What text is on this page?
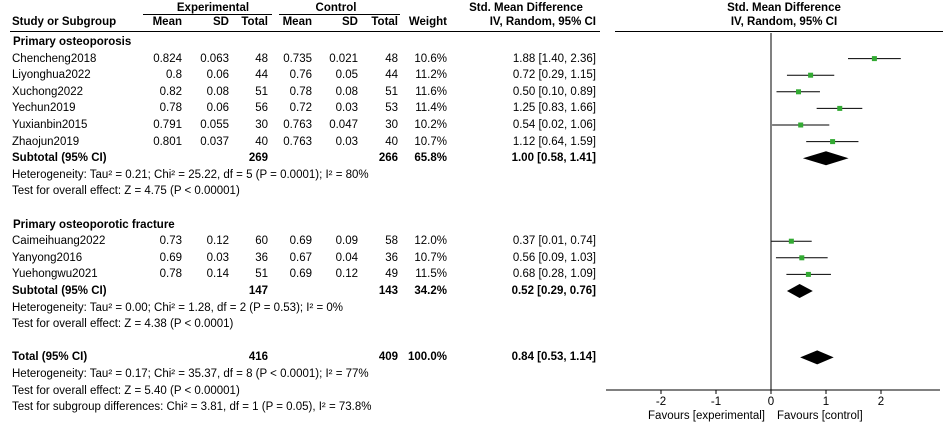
Experimental	Control	Std. Mean Difference	Std. Mean Difference
Study or Subgroup	Mean	SD	Total	Mean	SD	Total Weight	IV, Random, 95% CI	IV, Random, 95% CI
Primary osteoporosis
Chencheng2018	0.824	0.063	48	0.735	0.021	48	10.6%	1.88 [1.40, 2.36]
Liyonghua2022	0.8	0.06	44	0.76	0.05	44	11.2%	0.72 [0.29, 1.15]
Xuchong2022	0.82	0.08	51	0.78	0.08	51	11.6%	0.50 [0.10, 0.89]
Yechun2019	0.78	0.06	56	0.72	0.03	53	11.4%	1.25 [0.83, 1.66]
Yuxianbin2015	0.791	0.055	30	0.763	0.047	30	10.2%	0.54 [0.02, 1.06]
Zhaojun2019	0.801	0.037	40	0.763	0.03	40	10.7%	1.12 [0.64, 1.59]
Subtotal (95% CI)	269	266	65.8%	1.00 [0.58, 1.41]
Heterogeneity: Tau² = 0.21; Chi² = 25.22, df = 5 (P = 0.0001); I² = 80%
Test for overall effect: Z = 4.75 (P < 0.00001)
Primary osteoporotic fracture
Caimeihuang2022	0.73	0.12	60	0.69	0.09	58	12.0%	0.37 [0.01, 0.74]
Yanyong2016	0.69	0.03	36	0.67	0.04	36	10.7%	0.56 [0.09, 1.03]
Yuehongwu2021	0.78	0.14	51	0.69	0.12	49	11.5%	0.68 [0.28, 1.09]
Subtotal (95% CI)	147	143	34.2%	0.52 [0.29, 0.76]
Heterogeneity: Tau² = 0.00; Chi² = 1.28, df = 2 (P = 0.53); I² = 0%
Test for overall effect: Z = 4.38 (P < 0.0001)
Total (95% CI)	416	409 100.0%	0.84 [0.53, 1.14]
Heterogeneity: Tau² = 0.17; Chi² = 35.37, df = 8 (P < 0.0001); I² = 77%
Test for overall effect: Z = 5.40 (P < 0.00001)
Test for subgroup differences: Chi² = 3.81, df = 1 (P = 0.05), I² = 73.8%	-2	-1	0	1	2
Favours [experimental] Favours [control]
